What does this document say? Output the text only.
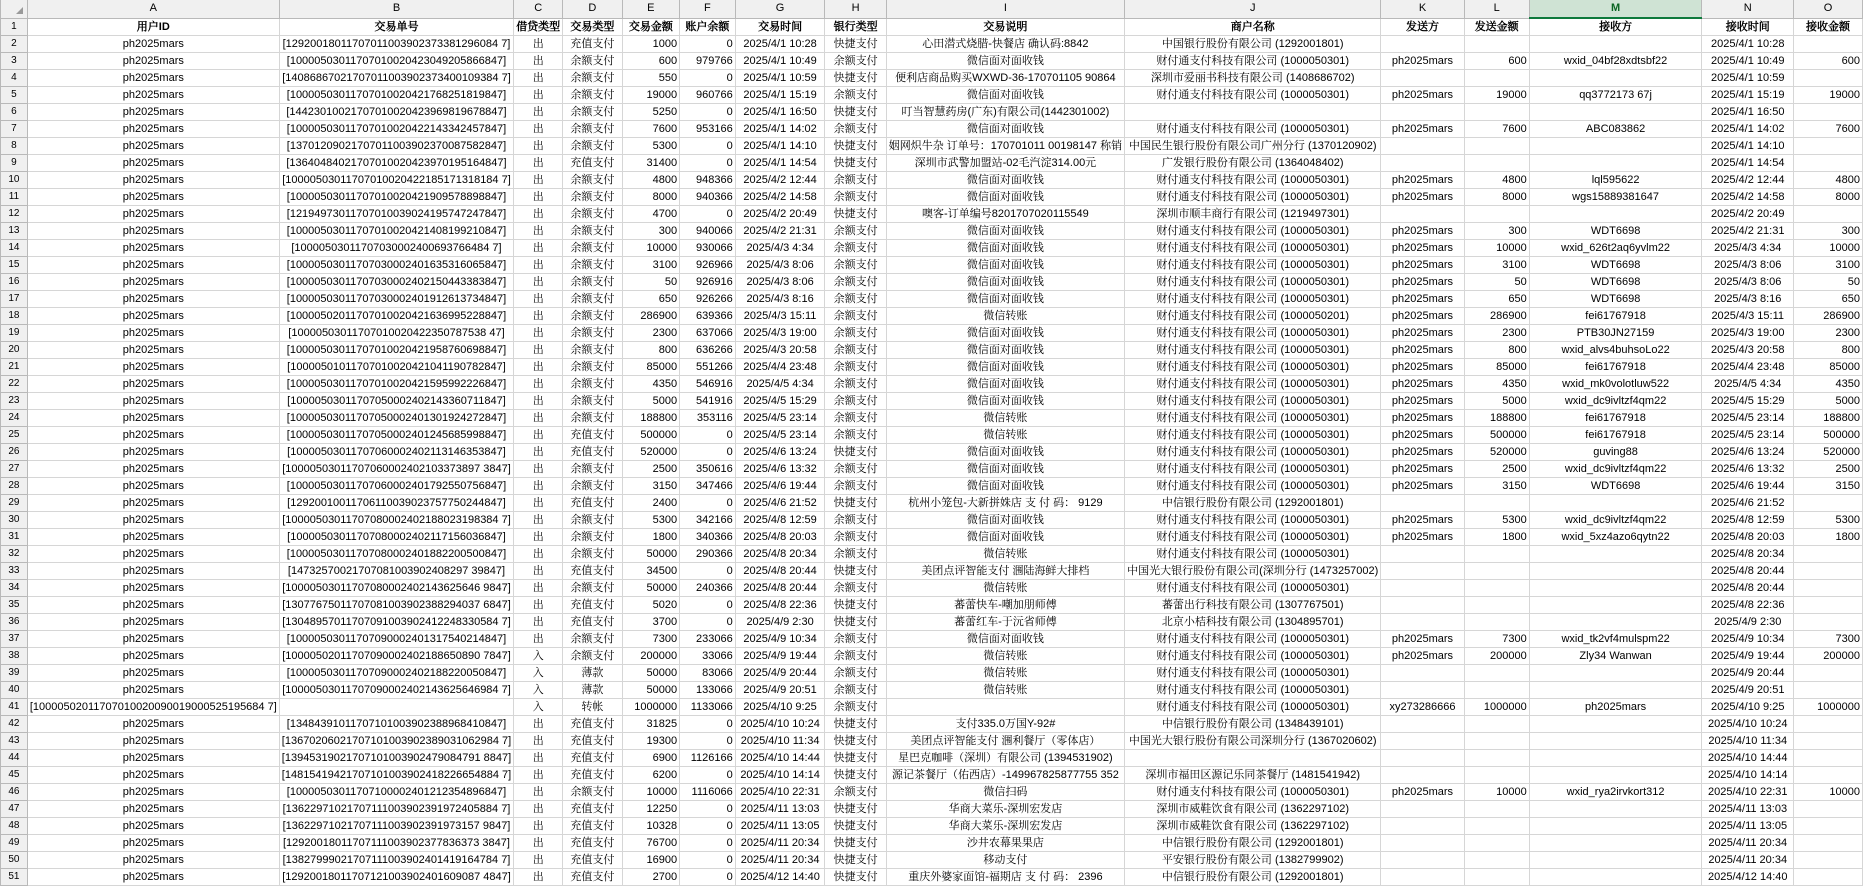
	A	B	C	D	E	F	G	H	I	J	K	L	M	N	O
1	用户ID	交易单号	借贷类型	交易类型	交易金额	账户余额	交易时间	银行类型	交易说明	商户名称	发送方	发送金额	接收方	接收时间	接收金额
2	ph2025mars	[12920018011707011003902373381296084 7]	出	充值支付	1000	0	2025/4/1 10:28	快捷支付	心田潜式烧腊-快餐店 确认码:8842	中国银行股份有限公司 (1292001801)				2025/4/1 10:28	
3	ph2025mars	[10000503011707010020423049205866847]	出	余额支付	600	979766	2025/4/1 10:49	余额支付	微信面对面收钱	财付通支付科技有限公司 (1000050301)	ph2025mars	600	wxid_04bf28xdtsbf22	2025/4/1 10:49	600
4	ph2025mars	[14086867021707011003902373400109384 7]	出	余额支付	550	0	2025/4/1 10:59	快捷支付	便利店商品购买WXWD-36-170701105 90864	深圳市爱丽书科技有限公司 (1408686702)				2025/4/1 10:59	
5	ph2025mars	[10000503011707010020421768251819847]	出	余额支付	19000	960766	2025/4/1 15:19	余额支付	微信面对面收钱	财付通支付科技有限公司 (1000050301)	ph2025mars	19000	qq3772173 67j	2025/4/1 15:19	19000
6	ph2025mars	[14423010021707010020423969819678847]	出	余额支付	5250	0	2025/4/1 16:50	快捷支付	叮当智慧药房(广东)有限公司(1442301002)					2025/4/1 16:50	
7	ph2025mars	[10000503011707010020422143342457847]	出	余额支付	7600	953166	2025/4/1 14:02	余额支付	微信面对面收钱	财付通支付科技有限公司 (1000050301)	ph2025mars	7600	ABC083862	2025/4/1 14:02	7600
8	ph2025mars	[13701209021707011003902370087582847]	出	余额支付	5300	0	2025/4/1 14:10	快捷支付	姻网炽牛杂 订单号：170701011 00198147 称销	中国民生银行股份有限公司广州分行 (1370120902)				2025/4/1 14:10	
9	ph2025mars	[13640484021707010020423970195164847]	出	充值支付	31400	0	2025/4/1 14:54	快捷支付	深圳市武警加盟站-02毛汽淀314.00元	广发银行股份有限公司 (1364048402)				2025/4/1 14:54	
10	ph2025mars	[10000503011707010020422185171318184 7]	出	余额支付	4800	948366	2025/4/2 12:44	余额支付	微信面对面收钱	财付通支付科技有限公司 (1000050301)	ph2025mars	4800	lql595622	2025/4/2 12:44	4800
11	ph2025mars	[10000503011707010020421909578898847]	出	余额支付	8000	940366	2025/4/2 14:58	余额支付	微信面对面收钱	财付通支付科技有限公司 (1000050301)	ph2025mars	8000	wgs15889381647	2025/4/2 14:58	8000
12	ph2025mars	[12194973011707010039024195747247847]	出	余额支付	4700	0	2025/4/2 20:49	快捷支付	噢客-订单编号8201707020115549	深圳市顺丰商行有限公司 (1219497301)				2025/4/2 20:49	
13	ph2025mars	[10000503011707010020421408199210847]	出	余额支付	300	940066	2025/4/2 21:31	余额支付	微信面对面收钱	财付通支付科技有限公司 (1000050301)	ph2025mars	300	WDT6698	2025/4/2 21:31	300
14	ph2025mars	[10000503011707030002400693766484 7]	出	余额支付	10000	930066	2025/4/3 4:34	余额支付	微信面对面收钱	财付通支付科技有限公司 (1000050301)	ph2025mars	10000	wxid_626t2aq6yvlm22	2025/4/3 4:34	10000
15	ph2025mars	[10000503011707030002401635316065847]	出	余额支付	3100	926966	2025/4/3 8:06	余额支付	微信面对面收钱	财付通支付科技有限公司 (1000050301)	ph2025mars	3100	WDT6698	2025/4/3 8:06	3100
16	ph2025mars	[10000503011707030002402150443383847]	出	余额支付	50	926916	2025/4/3 8:06	余额支付	微信面对面收钱	财付通支付科技有限公司 (1000050301)	ph2025mars	50	WDT6698	2025/4/3 8:06	50
17	ph2025mars	[10000503011707030002401912613734847]	出	余额支付	650	926266	2025/4/3 8:16	余额支付	微信面对面收钱	财付通支付科技有限公司 (1000050301)	ph2025mars	650	WDT6698	2025/4/3 8:16	650
18	ph2025mars	[10000502011707010020421636995228847]	出	余额支付	286900	639366	2025/4/3 15:11	余额支付	微信转账	财付通支付科技有限公司 (1000050201)	ph2025mars	286900	fei61767918	2025/4/3 15:11	286900
19	ph2025mars	[10000503011707010020422350787538 47]	出	余额支付	2300	637066	2025/4/3 19:00	余额支付	微信面对面收钱	财付通支付科技有限公司 (1000050301)	ph2025mars	2300	PTB30JN27159	2025/4/3 19:00	2300
20	ph2025mars	[10000503011707010020421958760698847]	出	余额支付	800	636266	2025/4/3 20:58	余额支付	微信面对面收钱	财付通支付科技有限公司 (1000050301)	ph2025mars	800	wxid_alvs4buhsoLo22	2025/4/3 20:58	800
21	ph2025mars	[10000501011707010020421041190782847]	出	余额支付	85000	551266	2025/4/4 23:48	余额支付	微信面对面收钱	财付通支付科技有限公司 (1000050301)	ph2025mars	85000	fei61767918	2025/4/4 23:48	85000
22	ph2025mars	[10000503011707010020421595992226847]	出	余额支付	4350	546916	2025/4/5 4:34	余额支付	微信面对面收钱	财付通支付科技有限公司 (1000050301)	ph2025mars	4350	wxid_mk0volotluw522	2025/4/5 4:34	4350
23	ph2025mars	[10000503011707050002402143360711847]	出	余额支付	5000	541916	2025/4/5 15:29	余额支付	微信面对面收钱	财付通支付科技有限公司 (1000050301)	ph2025mars	5000	wxid_dc9ivltzf4qm22	2025/4/5 15:29	5000
24	ph2025mars	[10000503011707050002401301924272847]	出	余额支付	188800	353116	2025/4/5 23:14	余额支付	微信转账	财付通支付科技有限公司 (1000050301)	ph2025mars	188800	fei61767918	2025/4/5 23:14	188800
25	ph2025mars	[10000503011707050002401245685998847]	出	充值支付	500000	0	2025/4/5 23:14	余额支付	微信转账	财付通支付科技有限公司 (1000050301)	ph2025mars	500000	fei61767918	2025/4/5 23:14	500000
26	ph2025mars	[10000503011707060002402113146353847]	出	充值支付	520000	0	2025/4/6 13:24	快捷支付	微信面对面收钱	财付通支付科技有限公司 (1000050301)	ph2025mars	520000	guving88	2025/4/6 13:24	520000
27	ph2025mars	[10000503011707060002402103373897 3847]	出	余额支付	2500	350616	2025/4/6 13:32	余额支付	微信面对面收钱	财付通支付科技有限公司 (1000050301)	ph2025mars	2500	wxid_dc9ivltzf4qm22	2025/4/6 13:32	2500
28	ph2025mars	[10000503011707060002401792550756847]	出	余额支付	3150	347466	2025/4/6 19:44	余额支付	微信面对面收钱	财付通支付科技有限公司 (1000050301)	ph2025mars	3150	WDT6698	2025/4/6 19:44	3150
29	ph2025mars	[12920010011706110039023757750244847]	出	充值支付	2400	0	2025/4/6 21:52	快捷支付	杭州小笼包-大新拼姝店 支 付 码： 9129	中信银行股份有限公司 (1292001801)				2025/4/6 21:52	
30	ph2025mars	[10000503011707080002402188023198384 7]	出	余额支付	5300	342166	2025/4/8 12:59	余额支付	微信面对面收钱	财付通支付科技有限公司 (1000050301)	ph2025mars	5300	wxid_dc9ivltzf4qm22	2025/4/8 12:59	5300
31	ph2025mars	[10000503011707080002402117156036847]	出	余额支付	1800	340366	2025/4/8 20:03	余额支付	微信面对面收钱	财付通支付科技有限公司 (1000050301)	ph2025mars	1800	wxid_5xz4azo6qytn22	2025/4/8 20:03	1800
32	ph2025mars	[10000503011707080002401882200500847]	出	余额支付	50000	290366	2025/4/8 20:34	余额支付	微信转账	财付通支付科技有限公司 (1000050301)				2025/4/8 20:34	
33	ph2025mars	[14732570021707081003902408297 39847]	出	充值支付	34500	0	2025/4/8 20:44	快捷支付	美团点评智能支付 涠陆海鲜大排档	中国光大银行股份有限公司(深圳分行 (1473257002)				2025/4/8 20:44	
34	ph2025mars	[10000503011707080002402143625646 9847]	出	余额支付	50000	240366	2025/4/8 20:44	余额支付	微信转账	财付通支付科技有限公司 (1000050301)				2025/4/8 20:44	
35	ph2025mars	[13077675011707081003902388294037 6847]	出	充值支付	5020	0	2025/4/8 22:36	快捷支付	蕃蕾快车-嘲加朋师傅	蕃蕾出行科技有限公司 (1307767501)				2025/4/8 22:36	
36	ph2025mars	[13048957011707091003902412248330584 7]	出	充值支付	3700	0	2025/4/9 2:30	快捷支付	蕃蕾红车-于沅省师傅	北京小桔科技有限公司 (1304895701)				2025/4/9 2:30	
37	ph2025mars	[10000503011707090002401317540214847]	出	余额支付	7300	233066	2025/4/9 10:34	余额支付	微信面对面收钱	财付通支付科技有限公司 (1000050301)	ph2025mars	7300	wxid_tk2vf4mulspm22	2025/4/9 10:34	7300
38	ph2025mars	[10000502011707090002402188650890 7847]	入	余额支付	200000	33066	2025/4/9 19:44	余额支付	微信转账	财付通支付科技有限公司 (1000050301)	ph2025mars	200000	Zly34 Wanwan	2025/4/9 19:44	200000
39	ph2025mars	[10000503011707090002402188220050847]	入	薄款	50000	83066	2025/4/9 20:44	余额支付	微信转账	财付通支付科技有限公司 (1000050301)				2025/4/9 20:44	
40	ph2025mars	[10000503011707090002402143625646984 7]	入	薄款	50000	133066	2025/4/9 20:51	余额支付	微信转账	财付通支付科技有限公司 (1000050301)				2025/4/9 20:51	
41	[10000502011707010020090019000525195684 7]		入	转帐	1000000	1133066	2025/4/10 9:25	余额支付		财付通支付科技有限公司 (1000050301)	xy273286666	1000000	ph2025mars	2025/4/10 9:25	1000000
42	ph2025mars	[13484391011707101003902388968410847]	出	充值支付	31825	0	2025/4/10 10:24	快捷支付	支付335.0万国Y-92#	中信银行股份有限公司 (1348439101)				2025/4/10 10:24	
43	ph2025mars	[13670206021707101003902389031062984 7]	出	充值支付	19300	0	2025/4/10 11:34	快捷支付	美团点评智能支付 涠利餐厅（零体店）	中国光大银行股份有限公司深圳分行 (1367020602)				2025/4/10 11:34	
44	ph2025mars	[13945319021707101003902479084791 8847]	出	充值支付	6900	1126166	2025/4/10 14:44	快捷支付	星巴克咖啡（深圳）有限公司 (1394531902)					2025/4/10 14:44	
45	ph2025mars	[14815419421707101003902418226654884 7]	出	充值支付	6200	0	2025/4/10 14:14	快捷支付	源记茶餐厅（佑西店）-149967825877755 352	深圳市福田区源记乐同茶餐厅 (1481541942)				2025/4/10 14:14	
46	ph2025mars	[10000503011707100002401212354896847]	出	余额支付	10000	1116066	2025/4/10 22:31	余额支付	微信扫码	财付通支付科技有限公司 (1000050301)	ph2025mars	10000	wxid_rya2irvkort312	2025/4/10 22:31	10000
47	ph2025mars	[13622971021707111003902391972405884 7]	出	充值支付	12250	0	2025/4/11 13:03	快捷支付	华商大菜乐-深圳宏发店	深圳市威鞋饮食有限公司 (1362297102)				2025/4/11 13:03	
48	ph2025mars	[13622971021707111003902391973157 9847]	出	充值支付	10328	0	2025/4/11 13:05	快捷支付	华商大菜乐-深圳宏发店	深圳市威鞋饮食有限公司 (1362297102)				2025/4/11 13:05	
49	ph2025mars	[12920018011707111003902377836373 3847]	出	充值支付	76700	0	2025/4/11 20:34	快捷支付	沙井农幕果果店	中信银行股份有限公司 (1292001801)				2025/4/11 20:34	
50	ph2025mars	[13827999021707111003902401419164784 7]	出	充值支付	16900	0	2025/4/11 20:34	快捷支付	移动支付	平安银行股份有限公司 (1382799902)				2025/4/11 20:34	
51	ph2025mars	[12920018011707121003902401609087 4847]	出	充值支付	2700	0	2025/4/12 14:40	快捷支付	重庆外婆家面馆-福期店 支 付 码： 2396	中信银行股份有限公司 (1292001801)				2025/4/12 14:40	
